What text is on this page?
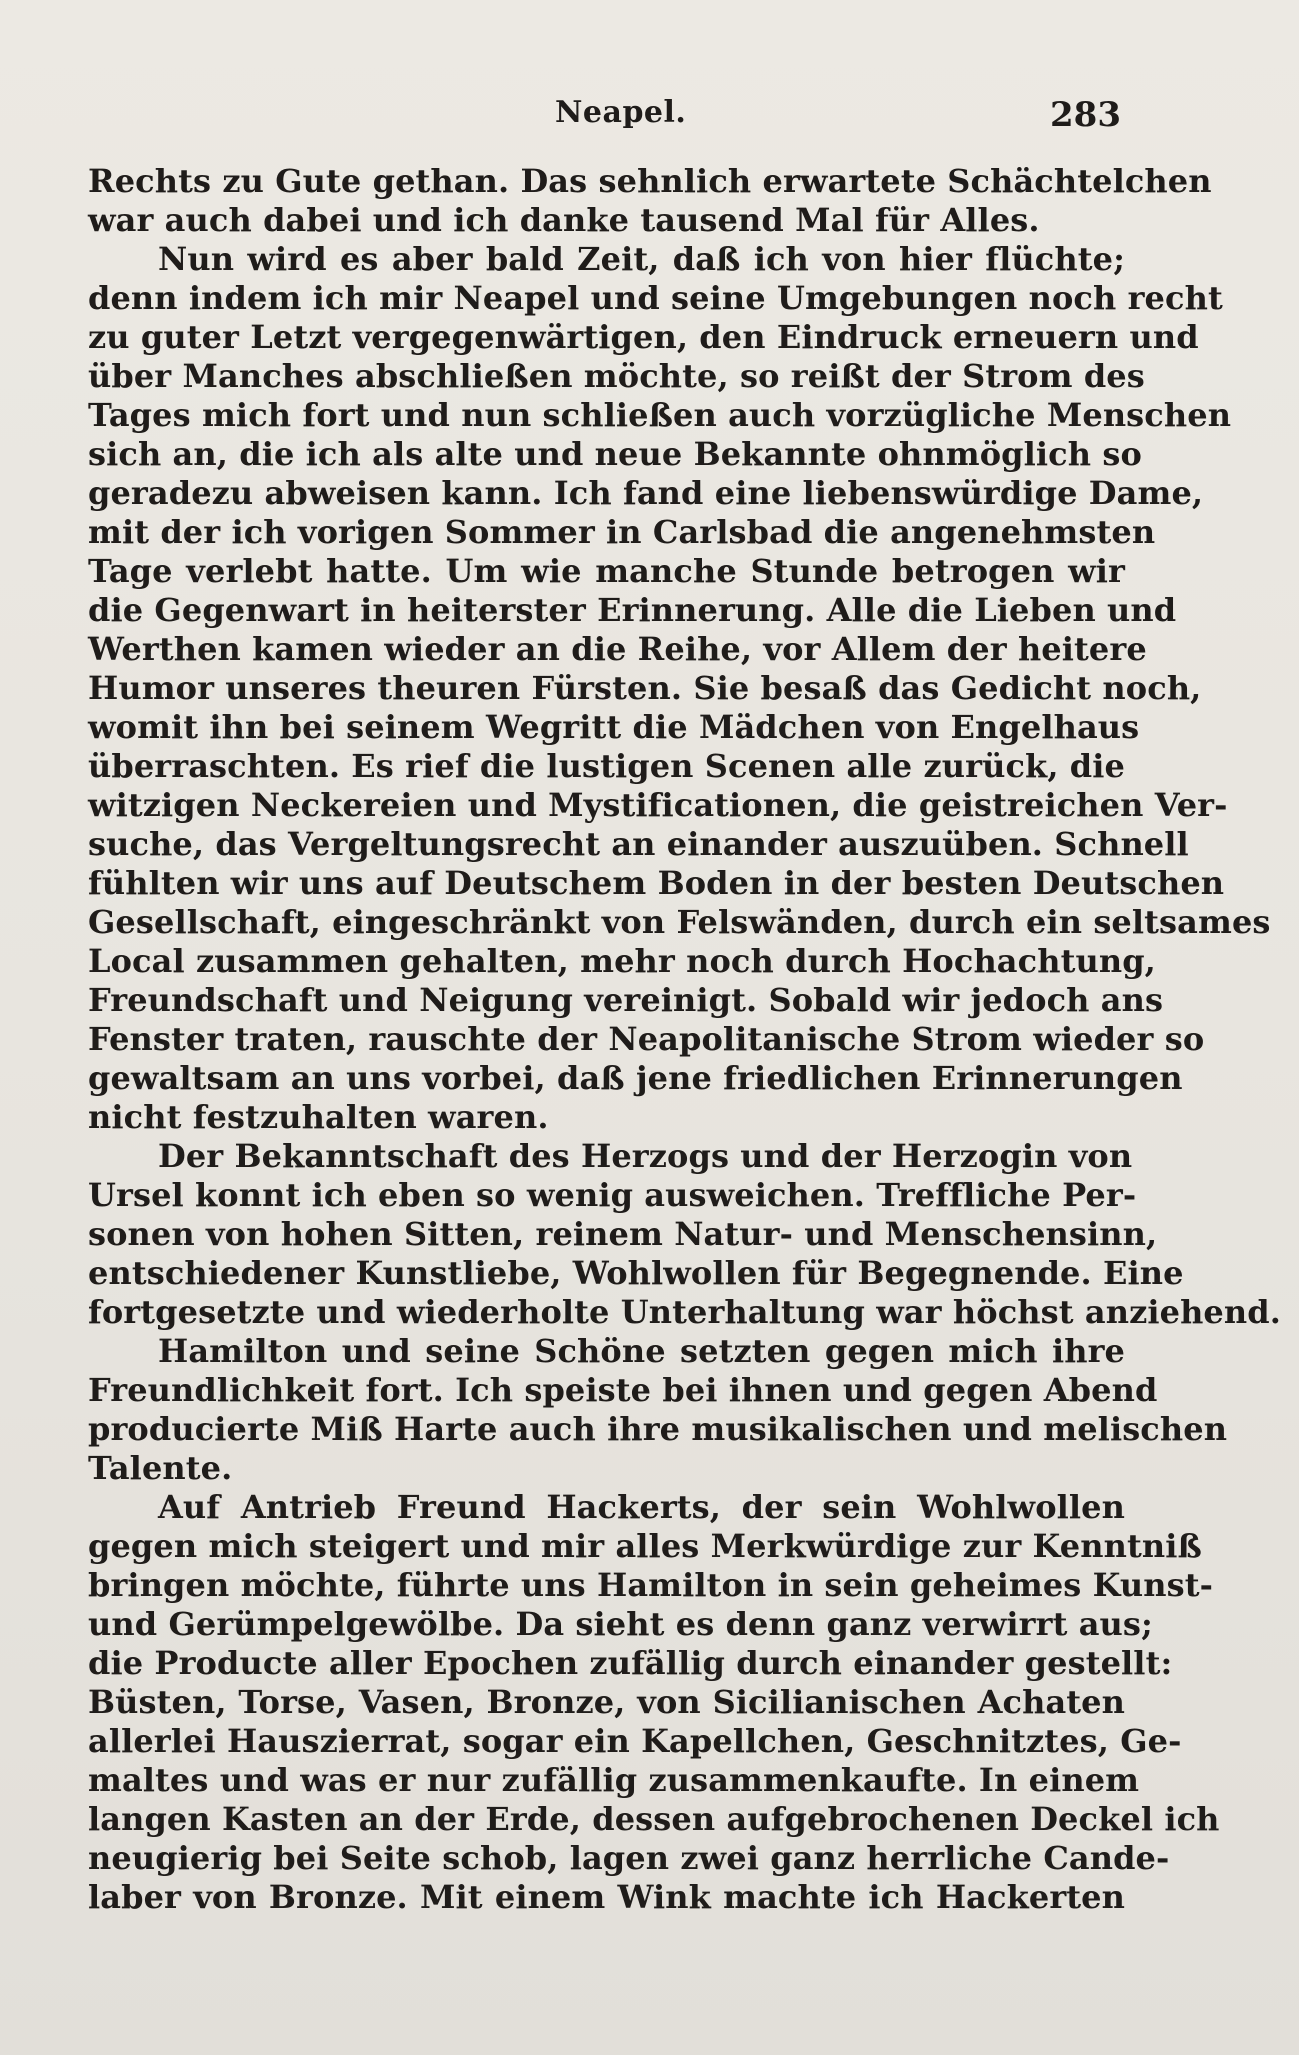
Neapel.	283
Rechts zu Gute gethan. Das sehnlich erwartete Schächtelchen
war auch dabei und ich danke tausend Mal für Alles.
Nun wird es aber bald Zeit, daß ich von hier flüchte;
denn indem ich mir Neapel und seine Umgebungen noch recht
zu guter Letzt vergegenwärtigen, den Eindruck erneuern und
über Manches abschließen möchte, so reißt der Strom des
Tages mich fort und nun schließen auch vorzügliche Menschen
sich an, die ich als alte und neue Bekannte ohnmöglich so
geradezu abweisen kann. Ich fand eine liebenswürdige Dame,
mit der ich vorigen Sommer in Carlsbad die angenehmsten
Tage verlebt hatte. Um wie manche Stunde betrogen wir
die Gegenwart in heiterster Erinnerung. Alle die Lieben und
Werthen kamen wieder an die Reihe, vor Allem der heitere
Humor unseres theuren Fürsten. Sie besaß das Gedicht noch,
womit ihn bei seinem Wegritt die Mädchen von Engelhaus
überraschten. Es rief die lustigen Scenen alle zurück, die
witzigen Neckereien und Mystificationen, die geistreichen Ver-
suche, das Vergeltungsrecht an einander auszuüben. Schnell
fühlten wir uns auf Deutschem Boden in der besten Deutschen
Gesellschaft, eingeschränkt von Felswänden, durch ein seltsames
Local zusammen gehalten, mehr noch durch Hochachtung,
Freundschaft und Neigung vereinigt. Sobald wir jedoch ans
Fenster traten, rauschte der Neapolitanische Strom wieder so
gewaltsam an uns vorbei, daß jene friedlichen Erinnerungen
nicht festzuhalten waren.
Der Bekanntschaft des Herzogs und der Herzogin von
Ursel konnt ich eben so wenig ausweichen. Treffliche Per-
sonen von hohen Sitten, reinem Natur- und Menschensinn,
entschiedener Kunstliebe, Wohlwollen für Begegnende. Eine
fortgesetzte und wiederholte Unterhaltung war höchst anziehend.
Hamilton und seine Schöne setzten gegen mich ihre
Freundlichkeit fort. Ich speiste bei ihnen und gegen Abend
producierte Miß Harte auch ihre musikalischen und melischen
Talente.
Auf Antrieb Freund Hackerts, der sein Wohlwollen
gegen mich steigert und mir alles Merkwürdige zur Kenntniß
bringen möchte, führte uns Hamilton in sein geheimes Kunst-
und Gerümpelgewölbe. Da sieht es denn ganz verwirrt aus;
die Producte aller Epochen zufällig durch einander gestellt:
Büsten, Torse, Vasen, Bronze, von Sicilianischen Achaten
allerlei Hauszierrat, sogar ein Kapellchen, Geschnitztes, Ge-
maltes und was er nur zufällig zusammenkaufte. In einem
langen Kasten an der Erde, dessen aufgebrochenen Deckel ich
neugierig bei Seite schob, lagen zwei ganz herrliche Cande-
laber von Bronze. Mit einem Wink machte ich Hackerten
